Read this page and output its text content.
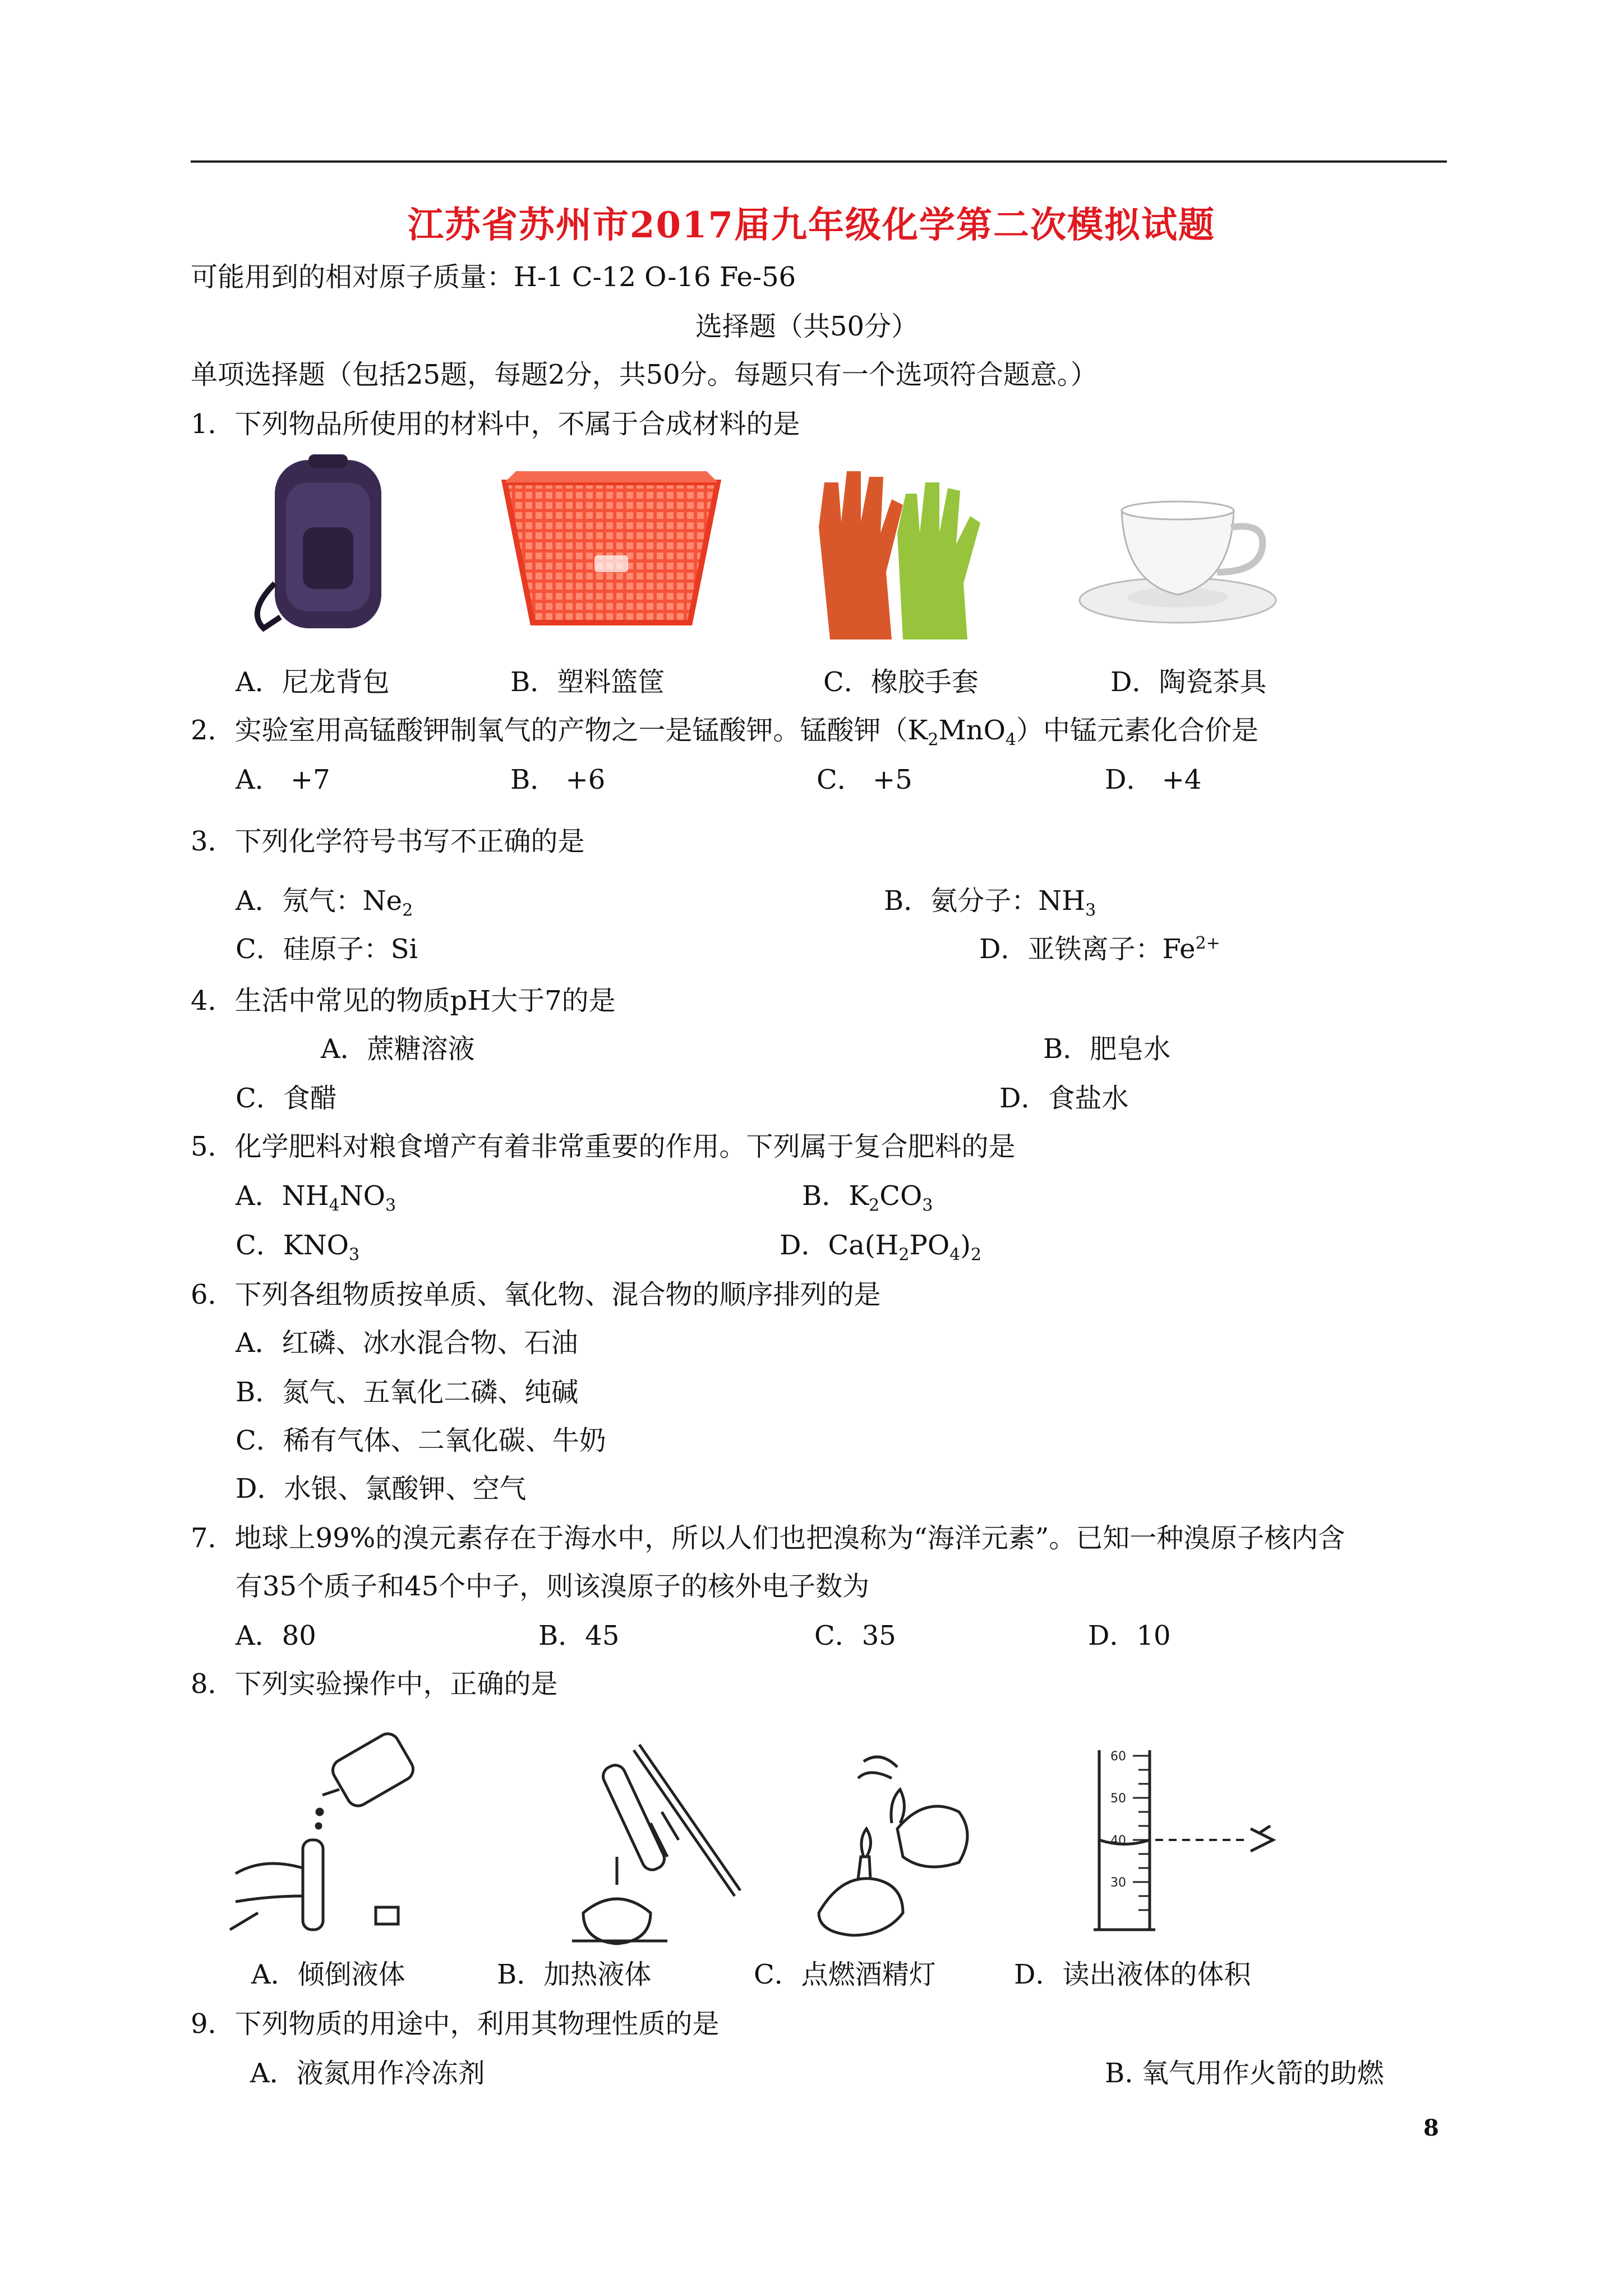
江苏省苏州市2017届九年级化学第二次模拟试题
可能用到的相对原子质量：H-1 C-12 O-16 Fe-56
选择题（共50分）
单项选择题（包括25题，每题2分，共50分。每题只有一个选项符合题意。）
1．下列物品所使用的材料中，不属于合成材料的是
A．尼龙背包	B．塑料篮筐	C．橡胶手套	D．陶瓷茶具
2．实验室用高锰酸钾制氧气的产物之一是锰酸钾。锰酸钾$(K_2MnO_4)$中锰元素化合价是
A． +7	B． +6	C． +5	D． +4
3．下列化学符号书写不正确的是
A．氖气：$Ne_2$	B．氨分子：$NH_3$
C．硅原子：Si	D．亚铁离子：$Fe^{2+}$
4．生活中常见的物质pH大于7的是
A．蔗糖溶液	B．肥皂水
C．食醋	D．食盐水
5．化学肥料对粮食增产有着非常重要的作用。下列属于复合肥料的是
A．$NH_4NO_3$	B．$K_2CO_3$
C．$KNO_3$	D．$Ca(H_2PO_4)_2$
6．下列各组物质按单质、氧化物、混合物的顺序排列的是
A．红磷、冰水混合物、石油
B．氮气、五氧化二磷、纯碱
C．稀有气体、二氧化碳、牛奶
D．水银、氯酸钾、空气
7．地球上99%的溴元素存在于海水中，所以人们也把溴称为“海洋元素”。已知一种溴原子核内含
有35个质子和45个中子，则该溴原子的核外电子数为
A．80	B．45	C．35	D．10
8．下列实验操作中，正确的是
60
50
40
30
A．倾倒液体	B．加热液体	C．点燃酒精灯	D．读出液体的体积
9．下列物质的用途中，利用其物理性质的是
A．液氮用作冷冻剂	B. 氧气用作火箭的助燃
8
